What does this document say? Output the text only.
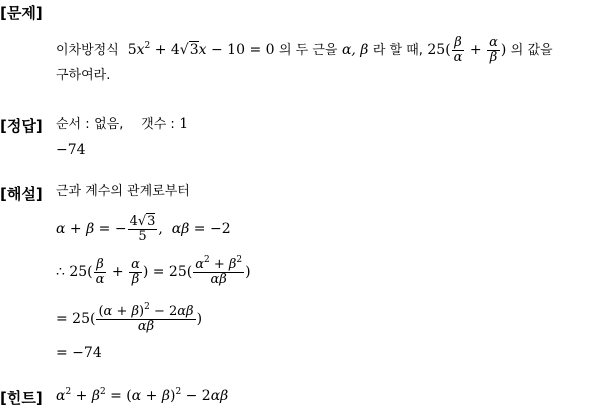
[문제]
이차방정식  $5x^2 + 4√3x - 10 = 0$ 의 두 근을 α, β 라 할 때, $25( \frac{\beta}{\alpha} + \frac{\alpha}{\beta}$ ) 의 값을
구하여라.
[정답] 순서 : 없음, 갯수 : 1
−74
[해설] 근과 계수의 관계로부터
α + β = − $\frac{4√3}{5}$ ,  αβ = −2
∴ $25( \frac{\beta}{\alpha} + \frac{\alpha}{\beta}$ ) = $25( \frac{\alpha^2 + \beta^2}{\alpha\beta}$ )
= $25( \frac{(\alpha + \beta)^2 - 2\alpha\beta}{\alpha\beta}$ )
= −74
[힌트] $\alpha^2 + \beta^2 = (\alpha + \beta)^2 - 2\alpha\beta$
